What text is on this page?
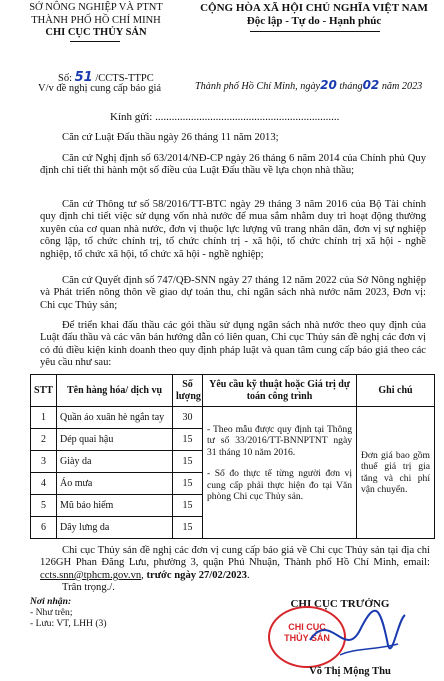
SỞ NÔNG NGHIỆP VÀ PTNT
THÀNH PHỐ HỒ CHÍ MINH
CHI CỤC THỦY SẢN
CỘNG HÒA XÃ HỘI CHỦ NGHĨA VIỆT NAM
Độc lập - Tự do - Hạnh phúc
Số: 51 /CCTS-TTPC
V/v đề nghị cung cấp báo giá	Thành phố Hồ Chí Minh, ngày20 tháng02 năm 2023
Kính gửi: ...................................................................
Căn cứ Luật Đấu thầu ngày 26 tháng 11 năm 2013;
Căn cứ Nghị định số 63/2014/NĐ-CP ngày 26 tháng 6 năm 2014 của Chính phủ Quy định chi tiết thi hành một số điều của Luật Đấu thầu về lựa chọn nhà thầu;
Căn cứ Thông tư số 58/2016/TT-BTC ngày 29 tháng 3 năm 2016 của Bộ Tài chính quy định chi tiết việc sử dụng vốn nhà nước để mua sắm nhằm duy trì hoạt động thường xuyên của cơ quan nhà nước, đơn vị thuộc lực lượng vũ trang nhân dân, đơn vị sự nghiệp công lập, tổ chức chính trị, tổ chức chính trị - xã hội, tổ chức chính trị xã hội - nghề nghiệp, tổ chức xã hội, tổ chức xã hội - nghề nghiệp;
Căn cứ Quyết định số 747/QĐ-SNN ngày 27 tháng 12 năm 2022 của Sở Nông nghiệp và Phát triển nông thôn về giao dự toán thu, chi ngân sách nhà nước năm 2023, Đơn vị: Chi cục Thủy sản;
Để triển khai đấu thầu các gói thầu sử dụng ngân sách nhà nước theo quy định của Luật đấu thầu và các văn bản hướng dẫn có liên quan, Chi cục Thủy sản đề nghị các đơn vị có đủ điều kiện kinh doanh theo quy định pháp luật và quan tâm cung cấp báo giá theo các yêu cầu như sau:
STT	Tên hàng hóa/ dịch vụ	Số lượng	Yêu cầu kỹ thuật hoặc Giá trị dự toán công trình	Ghi chú
1	Quần áo xuân hè ngắn tay	30	- Theo mẫu được quy định tại Thông tư số 33/2016/TT-BNNPTNT ngày 31 tháng 10 năm 2016.
- Số đo thực tế từng người đơn vị cung cấp phải thực hiện đo tại Văn phòng Chi cục Thủy sản.	Đơn giá bao gồm thuế giá trị gia tăng và chi phí vận chuyển.
2	Dép quai hậu	15		
3	Giày da	15		
4	Áo mưa	15		
5	Mũ bảo hiểm	15		
6	Dây lưng da	15		
Chi cục Thủy sản đề nghị các đơn vị cung cấp báo giá về Chi cục Thủy sản tại địa chỉ 126GH Phan Đăng Lưu, phường 3, quận Phú Nhuận, Thành phố Hồ Chí Minh, email: ccts.snn@tphcm.gov.vn, trước ngày 27/02/2023.
Trân trọng./.
Nơi nhận:
- Như trên;
- Lưu: VT, LHH (3)
CHI CỤC TRƯỞNG
CHI CỤC
THỦY SẢN
Võ Thị Mộng Thu
